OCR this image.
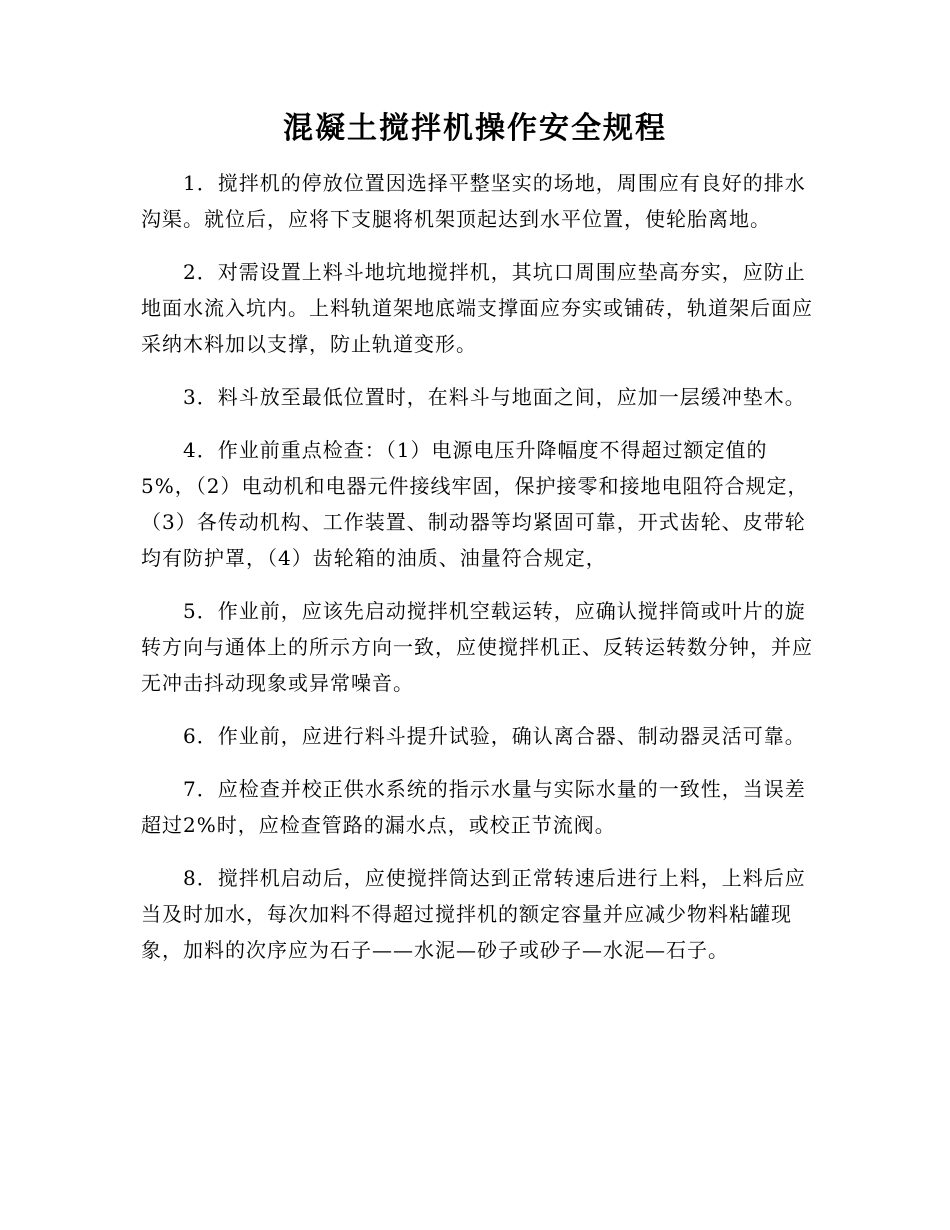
混凝土搅拌机操作安全规程

1．搅拌机的停放位置因选择平整坚实的场地，周围应有良好的排水沟渠。就位后，应将下支腿将机架顶起达到水平位置，使轮胎离地。

2．对需设置上料斗地坑地搅拌机，其坑口周围应垫高夯实，应防止地面水流入坑内。上料轨道架地底端支撑面应夯实或铺砖，轨道架后面应采纳木料加以支撑，防止轨道变形。

3．料斗放至最低位置时，在料斗与地面之间，应加一层缓冲垫木。

4．作业前重点检查：（1）电源电压升降幅度不得超过额定值的5%，（2）电动机和电器元件接线牢固，保护接零和接地电阻符合规定，（3）各传动机构、工作装置、制动器等均紧固可靠，开式齿轮、皮带轮均有防护罩，（4）齿轮箱的油质、油量符合规定，

5．作业前，应该先启动搅拌机空载运转，应确认搅拌筒或叶片的旋转方向与通体上的所示方向一致，应使搅拌机正、反转运转数分钟，并应无冲击抖动现象或异常噪音。

6．作业前，应进行料斗提升试验，确认离合器、制动器灵活可靠。

7．应检查并校正供水系统的指示水量与实际水量的一致性，当误差超过2%时，应检查管路的漏水点，或校正节流阀。

8．搅拌机启动后，应使搅拌筒达到正常转速后进行上料，上料后应当及时加水，每次加料不得超过搅拌机的额定容量并应减少物料粘罐现象，加料的次序应为石子——水泥—砂子或砂子—水泥—石子。
